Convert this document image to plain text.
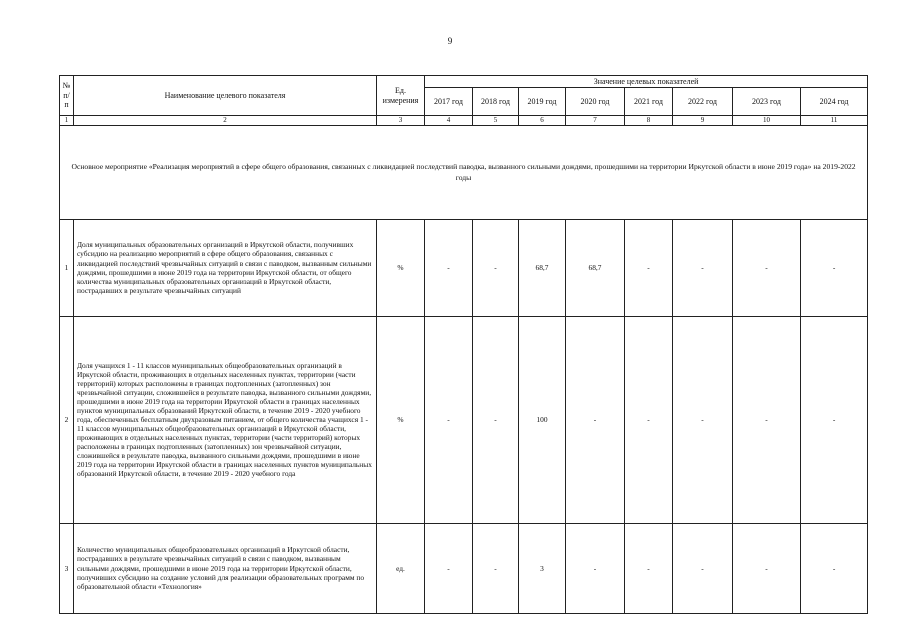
9
№
п/п	Наименование целевого показателя	Ед.
измерения	Значение целевых показателей							
			2017 год	2018 год	2019 год	2020 год	2021 год	2022 год	2023 год	2024 год
1	2	3	4	5	6	7	8	9	10	11
Основное мероприятие «Реализация мероприятий в сфере общего образования, связанных с ликвидацией последствий паводка, вызванного сильными дождями, прошедшими на территории Иркутской области в июне 2019 года» на 2019-2022 годы										
1	Доля муниципальных образовательных организаций в Иркутской области, получивших субсидию на реализацию мероприятий в сфере общего образования, связанных с ликвидацией последствий чрезвычайных ситуаций в связи с паводком, вызванным сильными дождями, прошедшими в июне 2019 года на территории Иркутской области, от общего количества муниципальных образовательных организаций в Иркутской области, пострадавших в результате чрезвычайных ситуаций	%	-	-	68,7	68,7	-	-	-	-
2	Доля учащихся 1 - 11 классов муниципальных общеобразовательных организаций в Иркутской области, проживающих в отдельных населенных пунктах, территории (части территорий) которых расположены в границах подтопленных (затопленных) зон чрезвычайной ситуации, сложившейся в результате паводка, вызванного сильными дождями, прошедшими в июне 2019 года на территории Иркутской области в границах населенных пунктов муниципальных образований Иркутской области, в течение 2019 - 2020 учебного года, обеспеченных бесплатным двухразовым питанием, от общего количества учащихся 1 - 11 классов муниципальных общеобразовательных организаций в Иркутской области, проживающих в отдельных населенных пунктах, территории (части территорий) которых расположены в границах подтопленных (затопленных) зон чрезвычайной ситуации, сложившейся в результате паводка, вызванного сильными дождями, прошедшими в июне 2019 года на территории Иркутской области в границах населенных пунктов муниципальных образований Иркутской области, в течение 2019 - 2020 учебного года	%	-	-	100	-	-	-	-	-
3	Количество муниципальных общеобразовательных организаций в Иркутской области, пострадавших в результате чрезвычайных ситуаций в связи с паводком, вызванным сильными дождями, прошедшими в июне 2019 года на территории Иркутской области, получивших субсидию на создание условий для реализации образовательных программ по образовательной области «Технология»	ед.	-	-	3	-	-	-	-	-
